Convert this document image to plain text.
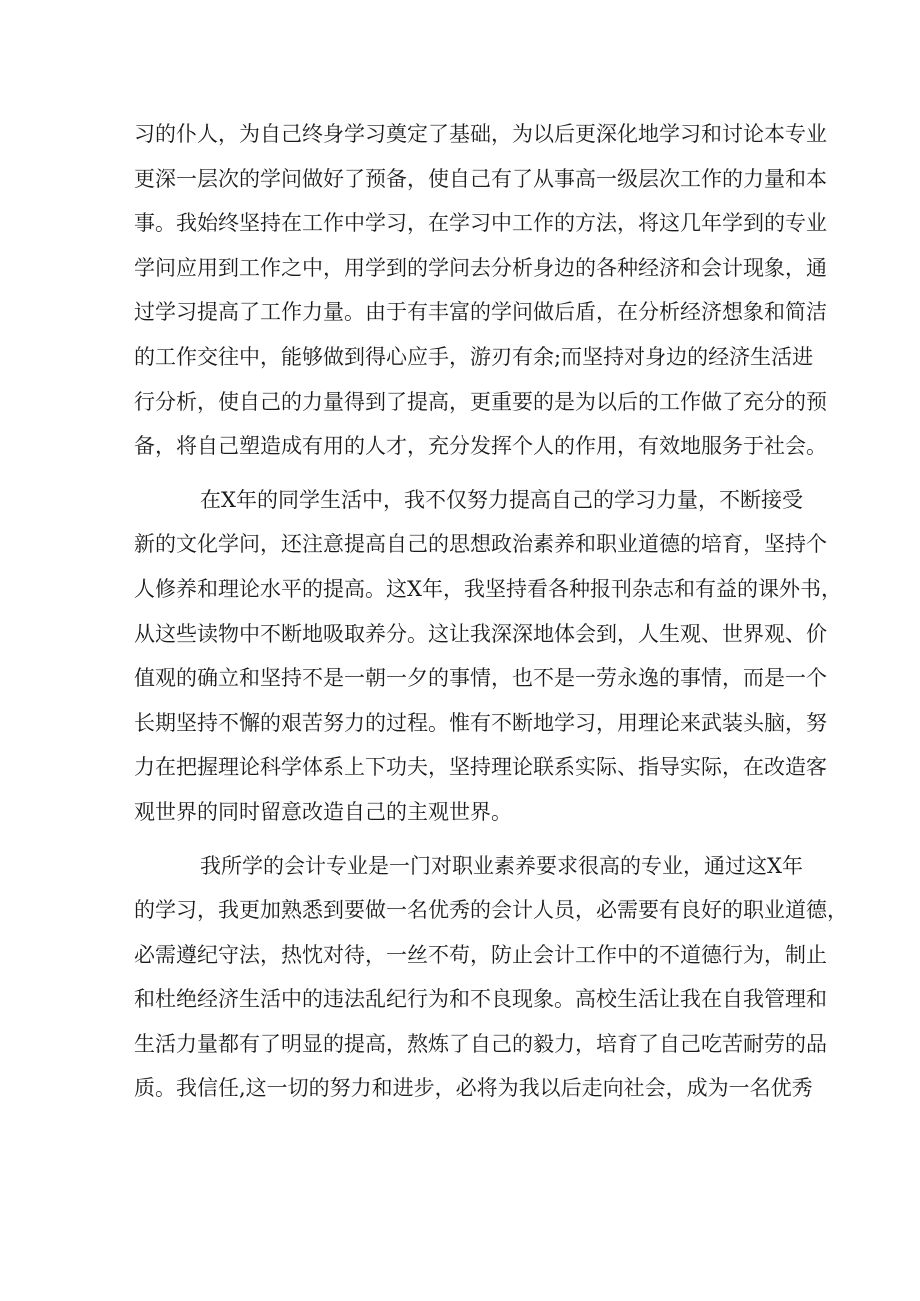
习的仆人，为自己终身学习奠定了基础，为以后更深化地学习和讨论本专业
更深一层次的学问做好了预备，使自己有了从事高一级层次工作的力量和本
事。我始终坚持在工作中学习，在学习中工作的方法，将这几年学到的专业
学问应用到工作之中，用学到的学问去分析身边的各种经济和会计现象，通
过学习提高了工作力量。由于有丰富的学问做后盾，在分析经济想象和简洁
的工作交往中，能够做到得心应手，游刃有余;而坚持对身边的经济生活进
行分析，使自己的力量得到了提高，更重要的是为以后的工作做了充分的预
备，将自己塑造成有用的人才，充分发挥个人的作用，有效地服务于社会。
在X年的同学生活中，我不仅努力提高自己的学习力量，不断接受
新的文化学问，还注意提高自己的思想政治素养和职业道德的培育，坚持个
人修养和理论水平的提高。这X年，我坚持看各种报刊杂志和有益的课外书，
从这些读物中不断地吸取养分。这让我深深地体会到，人生观、世界观、价
值观的确立和坚持不是一朝一夕的事情，也不是一劳永逸的事情，而是一个
长期坚持不懈的艰苦努力的过程。惟有不断地学习，用理论来武装头脑，努
力在把握理论科学体系上下功夫，坚持理论联系实际、指导实际，在改造客
观世界的同时留意改造自己的主观世界。
我所学的会计专业是一门对职业素养要求很高的专业，通过这X年
的学习，我更加熟悉到要做一名优秀的会计人员，必需要有良好的职业道德，
必需遵纪守法，热忱对待，一丝不苟，防止会计工作中的不道德行为，制止
和杜绝经济生活中的违法乱纪行为和不良现象。高校生活让我在自我管理和
生活力量都有了明显的提高，熬炼了自己的毅力，培育了自己吃苦耐劳的品
质。我信任,这一切的努力和进步，必将为我以后走向社会，成为一名优秀
